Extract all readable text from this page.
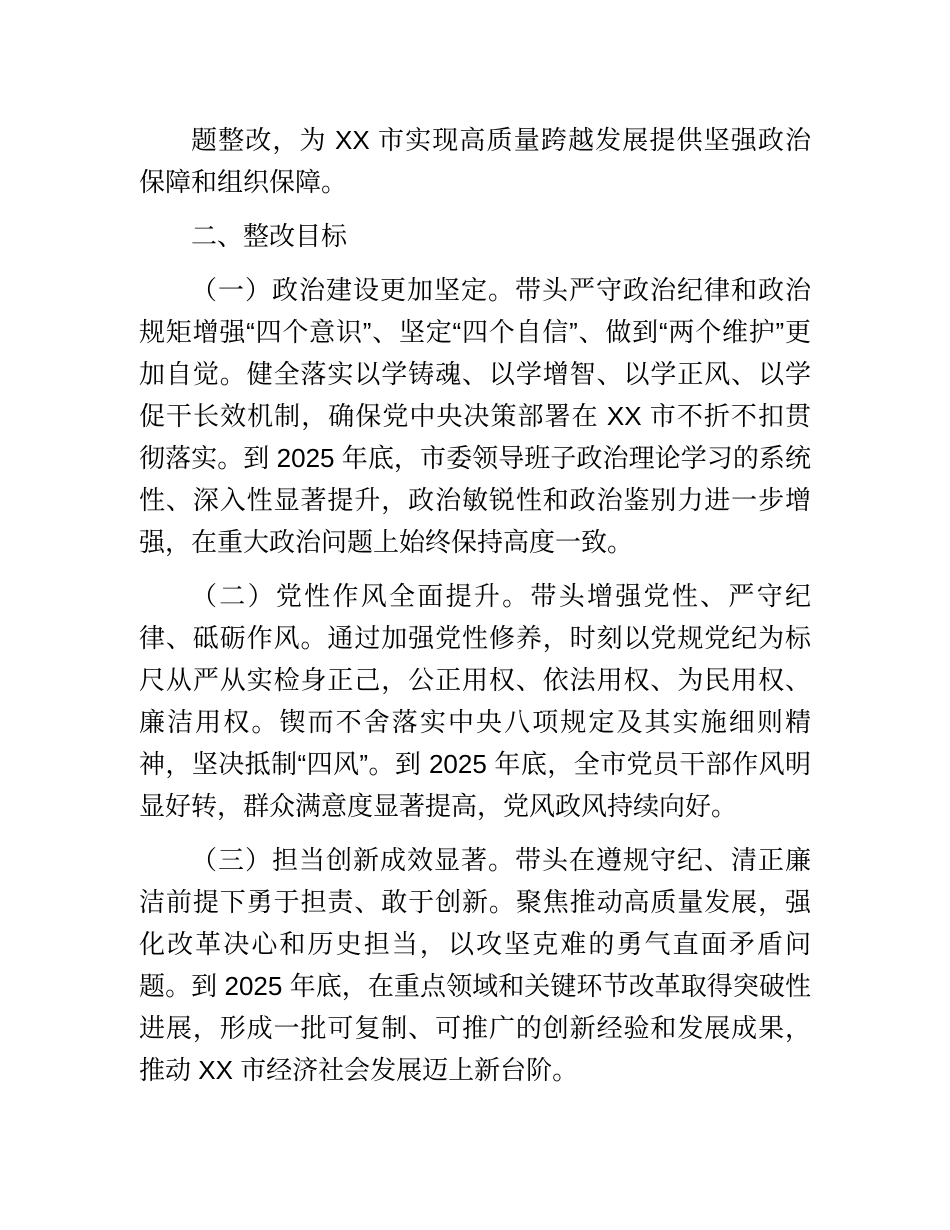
题整改，为 XX 市实现高质量跨越发展提供坚强政治保障和组织保障。

二、整改目标

（一）政治建设更加坚定。带头严守政治纪律和政治规矩增强“四个意识”、坚定“四个自信”、做到“两个维护”更加自觉。健全落实以学铸魂、以学增智、以学正风、以学促干长效机制，确保党中央决策部署在 XX 市不折不扣贯彻落实。到 2025 年底，市委领导班子政治理论学习的系统性、深入性显著提升，政治敏锐性和政治鉴别力进一步增强，在重大政治问题上始终保持高度一致。

（二）党性作风全面提升。带头增强党性、严守纪律、砥砺作风。通过加强党性修养，时刻以党规党纪为标尺从严从实检身正己，公正用权、依法用权、为民用权、廉洁用权。锲而不舍落实中央八项规定及其实施细则精神，坚决抵制“四风”。到 2025 年底，全市党员干部作风明显好转，群众满意度显著提高，党风政风持续向好。

（三）担当创新成效显著。带头在遵规守纪、清正廉洁前提下勇于担责、敢于创新。聚焦推动高质量发展，强化改革决心和历史担当，以攻坚克难的勇气直面矛盾问题。到 2025 年底，在重点领域和关键环节改革取得突破性进展，形成一批可复制、可推广的创新经验和发展成果，推动 XX 市经济社会发展迈上新台阶。
